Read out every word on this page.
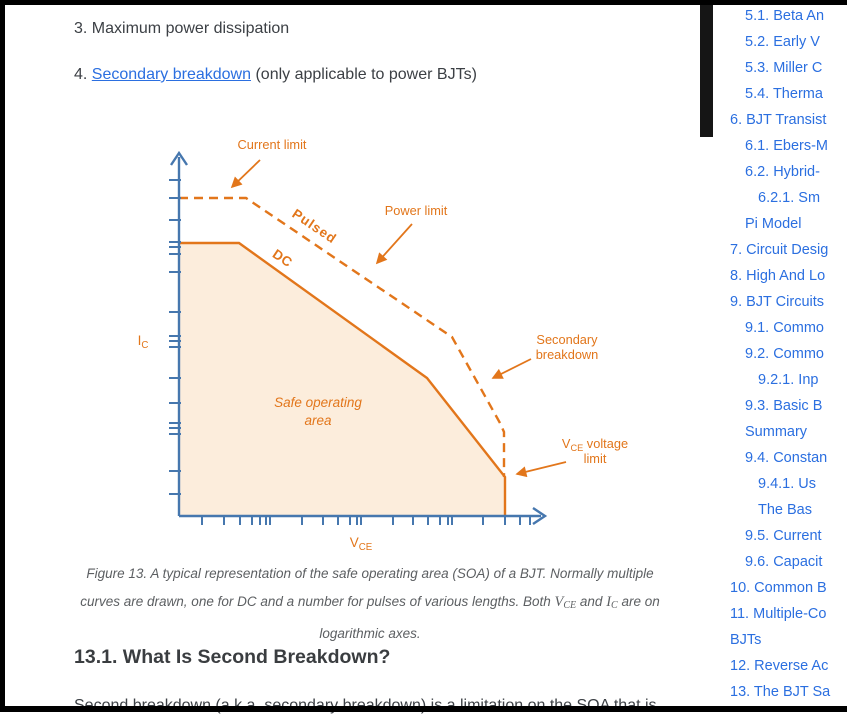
3. Maximum power dissipation
4. Secondary breakdown (only applicable to power BJTs)
$I_C$
$V_{CE}$
Safe operating
area
Pulsed
DC
Current limit
Power limit
Secondary
breakdown
$V_{CE}$ voltage
limit
Figure 13. A typical representation of the safe operating area (SOA) of a BJT. Normally multiple
curves are drawn, one for DC and a number for pulses of various lengths. Both VCE and IC are on
logarithmic axes.
13.1. What Is Second Breakdown?
5.1. Beta An
5.2. Early V
5.3. Miller C
5.4. Therma
6. BJT Transist
6.1. Ebers-M
6.2. Hybrid-
6.2.1. Sm
Pi Model
7. Circuit Desig
8. High And Lo
9. BJT Circuits
9.1. Commo
9.2. Commo
9.2.1. Inp
9.3. Basic B
Summary
9.4. Constan
9.4.1. Us
The Bas
9.5. Current
9.6. Capacit
10. Common B
11. Multiple-Co
BJTs
12. Reverse Ac
13. The BJT Sa
